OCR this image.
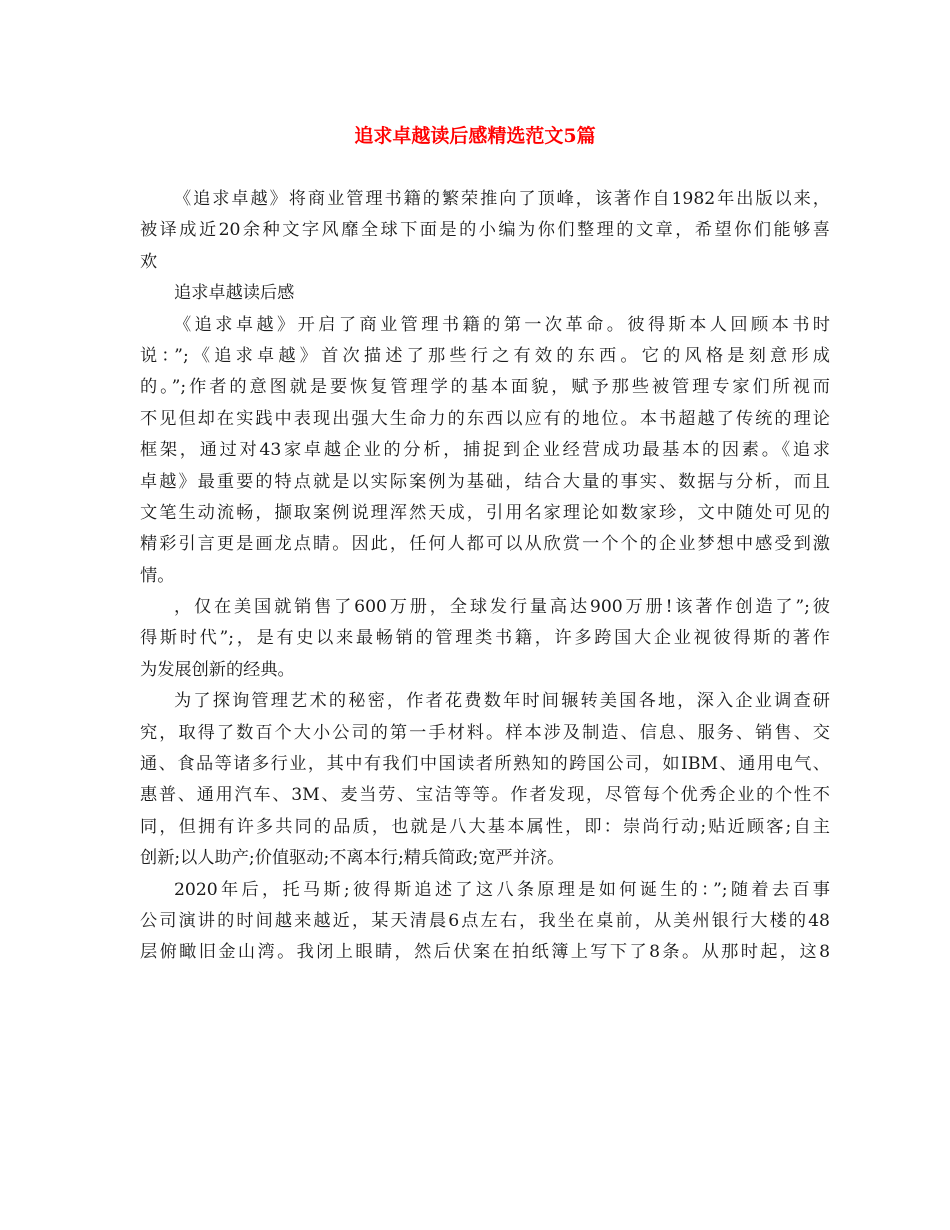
追求卓越读后感精选范文5篇
《追求卓越》将商业管理书籍的繁荣推向了顶峰，该著作自1982年出版以来，
被译成近20余种文字风靡全球下面是的小编为你们整理的文章，希望你们能够喜
欢
追求卓越读后感
《追求卓越》开启了商业管理书籍的第一次革命。彼得斯本人回顾本书时
说：”;《追求卓越》首次描述了那些行之有效的东西。它的风格是刻意形成
的。”;作者的意图就是要恢复管理学的基本面貌，赋予那些被管理专家们所视而
不见但却在实践中表现出强大生命力的东西以应有的地位。本书超越了传统的理论
框架，通过对43家卓越企业的分析，捕捉到企业经营成功最基本的因素。《追求
卓越》最重要的特点就是以实际案例为基础，结合大量的事实、数据与分析，而且
文笔生动流畅，撷取案例说理浑然天成，引用名家理论如数家珍，文中随处可见的
精彩引言更是画龙点睛。因此，任何人都可以从欣赏一个个的企业梦想中感受到激
情。
，仅在美国就销售了600万册，全球发行量高达900万册!该著作创造了”;彼
得斯时代”;，是有史以来最畅销的管理类书籍，许多跨国大企业视彼得斯的著作
为发展创新的经典。
为了探询管理艺术的秘密，作者花费数年时间辗转美国各地，深入企业调查研
究，取得了数百个大小公司的第一手材料。样本涉及制造、信息、服务、销售、交
通、食品等诸多行业，其中有我们中国读者所熟知的跨国公司，如IBM、通用电气、
惠普、通用汽车、3M、麦当劳、宝洁等等。作者发现，尽管每个优秀企业的个性不
同，但拥有许多共同的品质，也就是八大基本属性，即：崇尚行动;贴近顾客;自主
创新;以人助产;价值驱动;不离本行;精兵简政;宽严并济。
2020年后，托马斯;彼得斯追述了这八条原理是如何诞生的：”;随着去百事
公司演讲的时间越来越近，某天清晨6点左右，我坐在桌前，从美州银行大楼的48
层俯瞰旧金山湾。我闭上眼睛，然后伏案在拍纸簿上写下了8条。从那时起，这8
